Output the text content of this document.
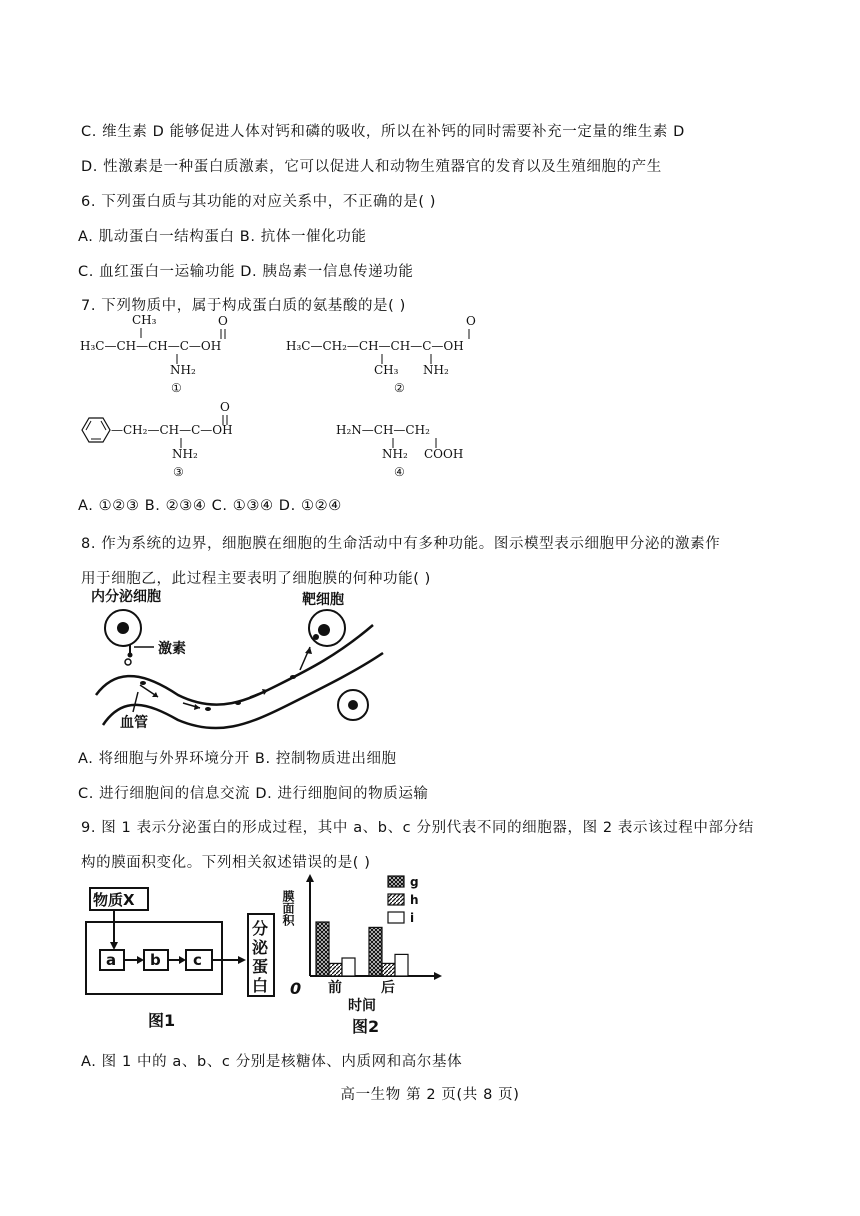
C. 维生素 D 能够促进人体对钙和磷的吸收，所以在补钙的同时需要补充一定量的维生素 D
D. 性激素是一种蛋白质激素，它可以促进人和动物生殖器官的发育以及生殖细胞的产生
6. 下列蛋白质与其功能的对应关系中，不正确的是( )
A. 肌动蛋白一结构蛋白 B. 抗体一催化功能
C. 血红蛋白一运输功能 D. 胰岛素一信息传递功能
7. 下列物质中，属于构成蛋白质的氨基酸的是( )
CH₃	O
H₃C—CH—CH—C—OH
NH₂
①
O
H₃C—CH₂—CH—CH—C—OH
CH₃ NH₂
②
O
—CH₂—CH—C—OH
NH₂
③
H₂N—CH—CH₂
NH₂ COOH
④
A. ①②③ B. ②③④ C. ①③④ D. ①②④
8. 作为系统的边界，细胞膜在细胞的生命活动中有多种功能。图示模型表示细胞甲分泌的激素作
用于细胞乙，此过程主要表明了细胞膜的何种功能( )
内分泌细胞	靶细胞
激素
血管
A. 将细胞与外界环境分开 B. 控制物质进出细胞
C. 进行细胞间的信息交流 D. 进行细胞间的物质运输
9. 图 1 表示分泌蛋白的形成过程，其中 a、b、c 分别代表不同的细胞器，图 2 表示该过程中部分结
构的膜面积变化。下列相关叙述错误的是( )
物质X
a b c
分
泌
蛋
白
图1
膜面积
g
h
i
0 前	后
时间
图2
A. 图 1 中的 a、b、c 分别是核糖体、内质网和高尔基体
高一生物 第 2 页(共 8 页)
